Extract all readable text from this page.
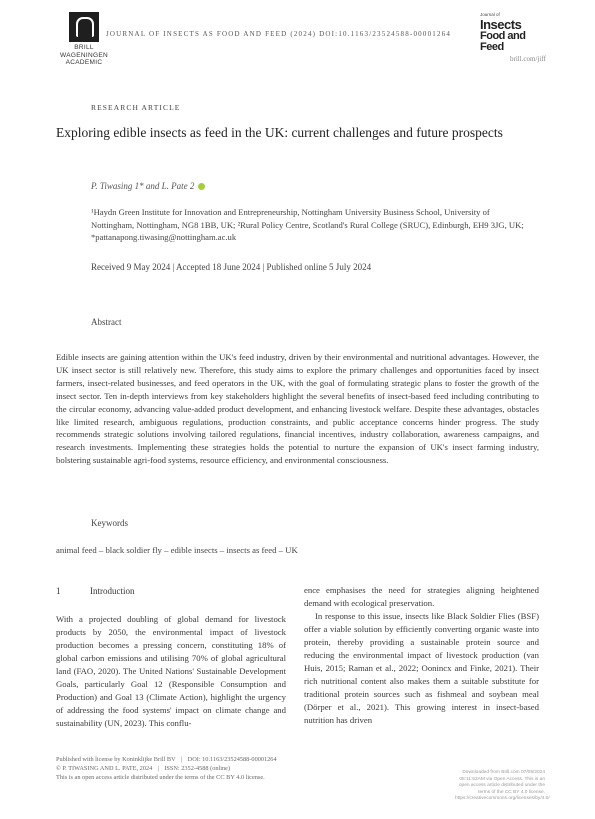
BRILL
WAGENINGEN
ACADEMIC
JOURNAL OF INSECTS AS FOOD AND FEED (2024) DOI:10.1163/23524588-00001264
Journal of
Insects
Food and Feed
brill.com/jiff
RESEARCH ARTICLE
Exploring edible insects as feed in the UK: current challenges and future prospects
P. Tiwasing 1* and L. Pate 2
¹Haydn Green Institute for Innovation and Entrepreneurship, Nottingham University Business School, University of Nottingham, Nottingham, NG8 1BB, UK; ²Rural Policy Centre, Scotland's Rural College (SRUC), Edinburgh, EH9 3JG, UK; *pattanapong.tiwasing@nottingham.ac.uk
Received 9 May 2024 | Accepted 18 June 2024 | Published online 5 July 2024
Abstract

Edible insects are gaining attention within the UK's feed industry, driven by their environmental and nutritional advantages. However, the UK insect sector is still relatively new. Therefore, this study aims to explore the primary challenges and opportunities faced by insect farmers, insect-related businesses, and feed operators in the UK, with the goal of formulating strategic plans to foster the growth of the insect sector. Ten in-depth interviews from key stakeholders highlight the several benefits of insect-based feed including contributing to the circular economy, advancing value-added product development, and enhancing livestock welfare. Despite these advantages, obstacles like limited research, ambiguous regulations, production constraints, and public acceptance concerns hinder progress. The study recommends strategic solutions involving tailored regulations, financial incentives, industry collaboration, awareness campaigns, and research investments. Implementing these strategies holds the potential to nurture the expansion of UK's insect farming industry, bolstering sustainable agri-food systems, resource efficiency, and environmental consciousness.

Keywords
animal feed – black soldier fly – edible insects – insects as feed – UK
1	Introduction

With a projected doubling of global demand for livestock products by 2050, the environmental impact of livestock production becomes a pressing concern, constituting 18% of global carbon emissions and utilising 70% of global agricultural land (FAO, 2020). The United Nations' Sustainable Development Goals, particularly Goal 12 (Responsible Consumption and Production) and Goal 13 (Climate Action), highlight the urgency of addressing the food systems' impact on climate change and sustainability (UN, 2023). This conflu-

ence emphasises the need for strategies aligning heightened demand with ecological preservation.

In response to this issue, insects like Black Soldier Flies (BSF) offer a viable solution by efficiently converting organic waste into protein, thereby providing a sustainable protein source and reducing the environmental impact of livestock production (van Huis, 2015; Raman et al., 2022; Oonincx and Finke, 2021). Their rich nutritional content also makes them a suitable substitute for traditional protein sources such as fishmeal and soybean meal (Dörper et al., 2021). This growing interest in insect-based nutrition has driven

Published with license by Koninklijke Brill BV | DOI: 10.1163/23524588-00001264
© P. TIWASING AND L. PATE, 2024 | ISSN: 2352-4588 (online)
This is an open access article distributed under the terms of the CC BY 4.0 license.
Downloaded from Brill.com 07/05/2024 08:11:52AM via Open Access. This is an open access article distributed under the terms of the CC BY 4.0 license. https://creativecommons.org/licenses/by/4.0/
